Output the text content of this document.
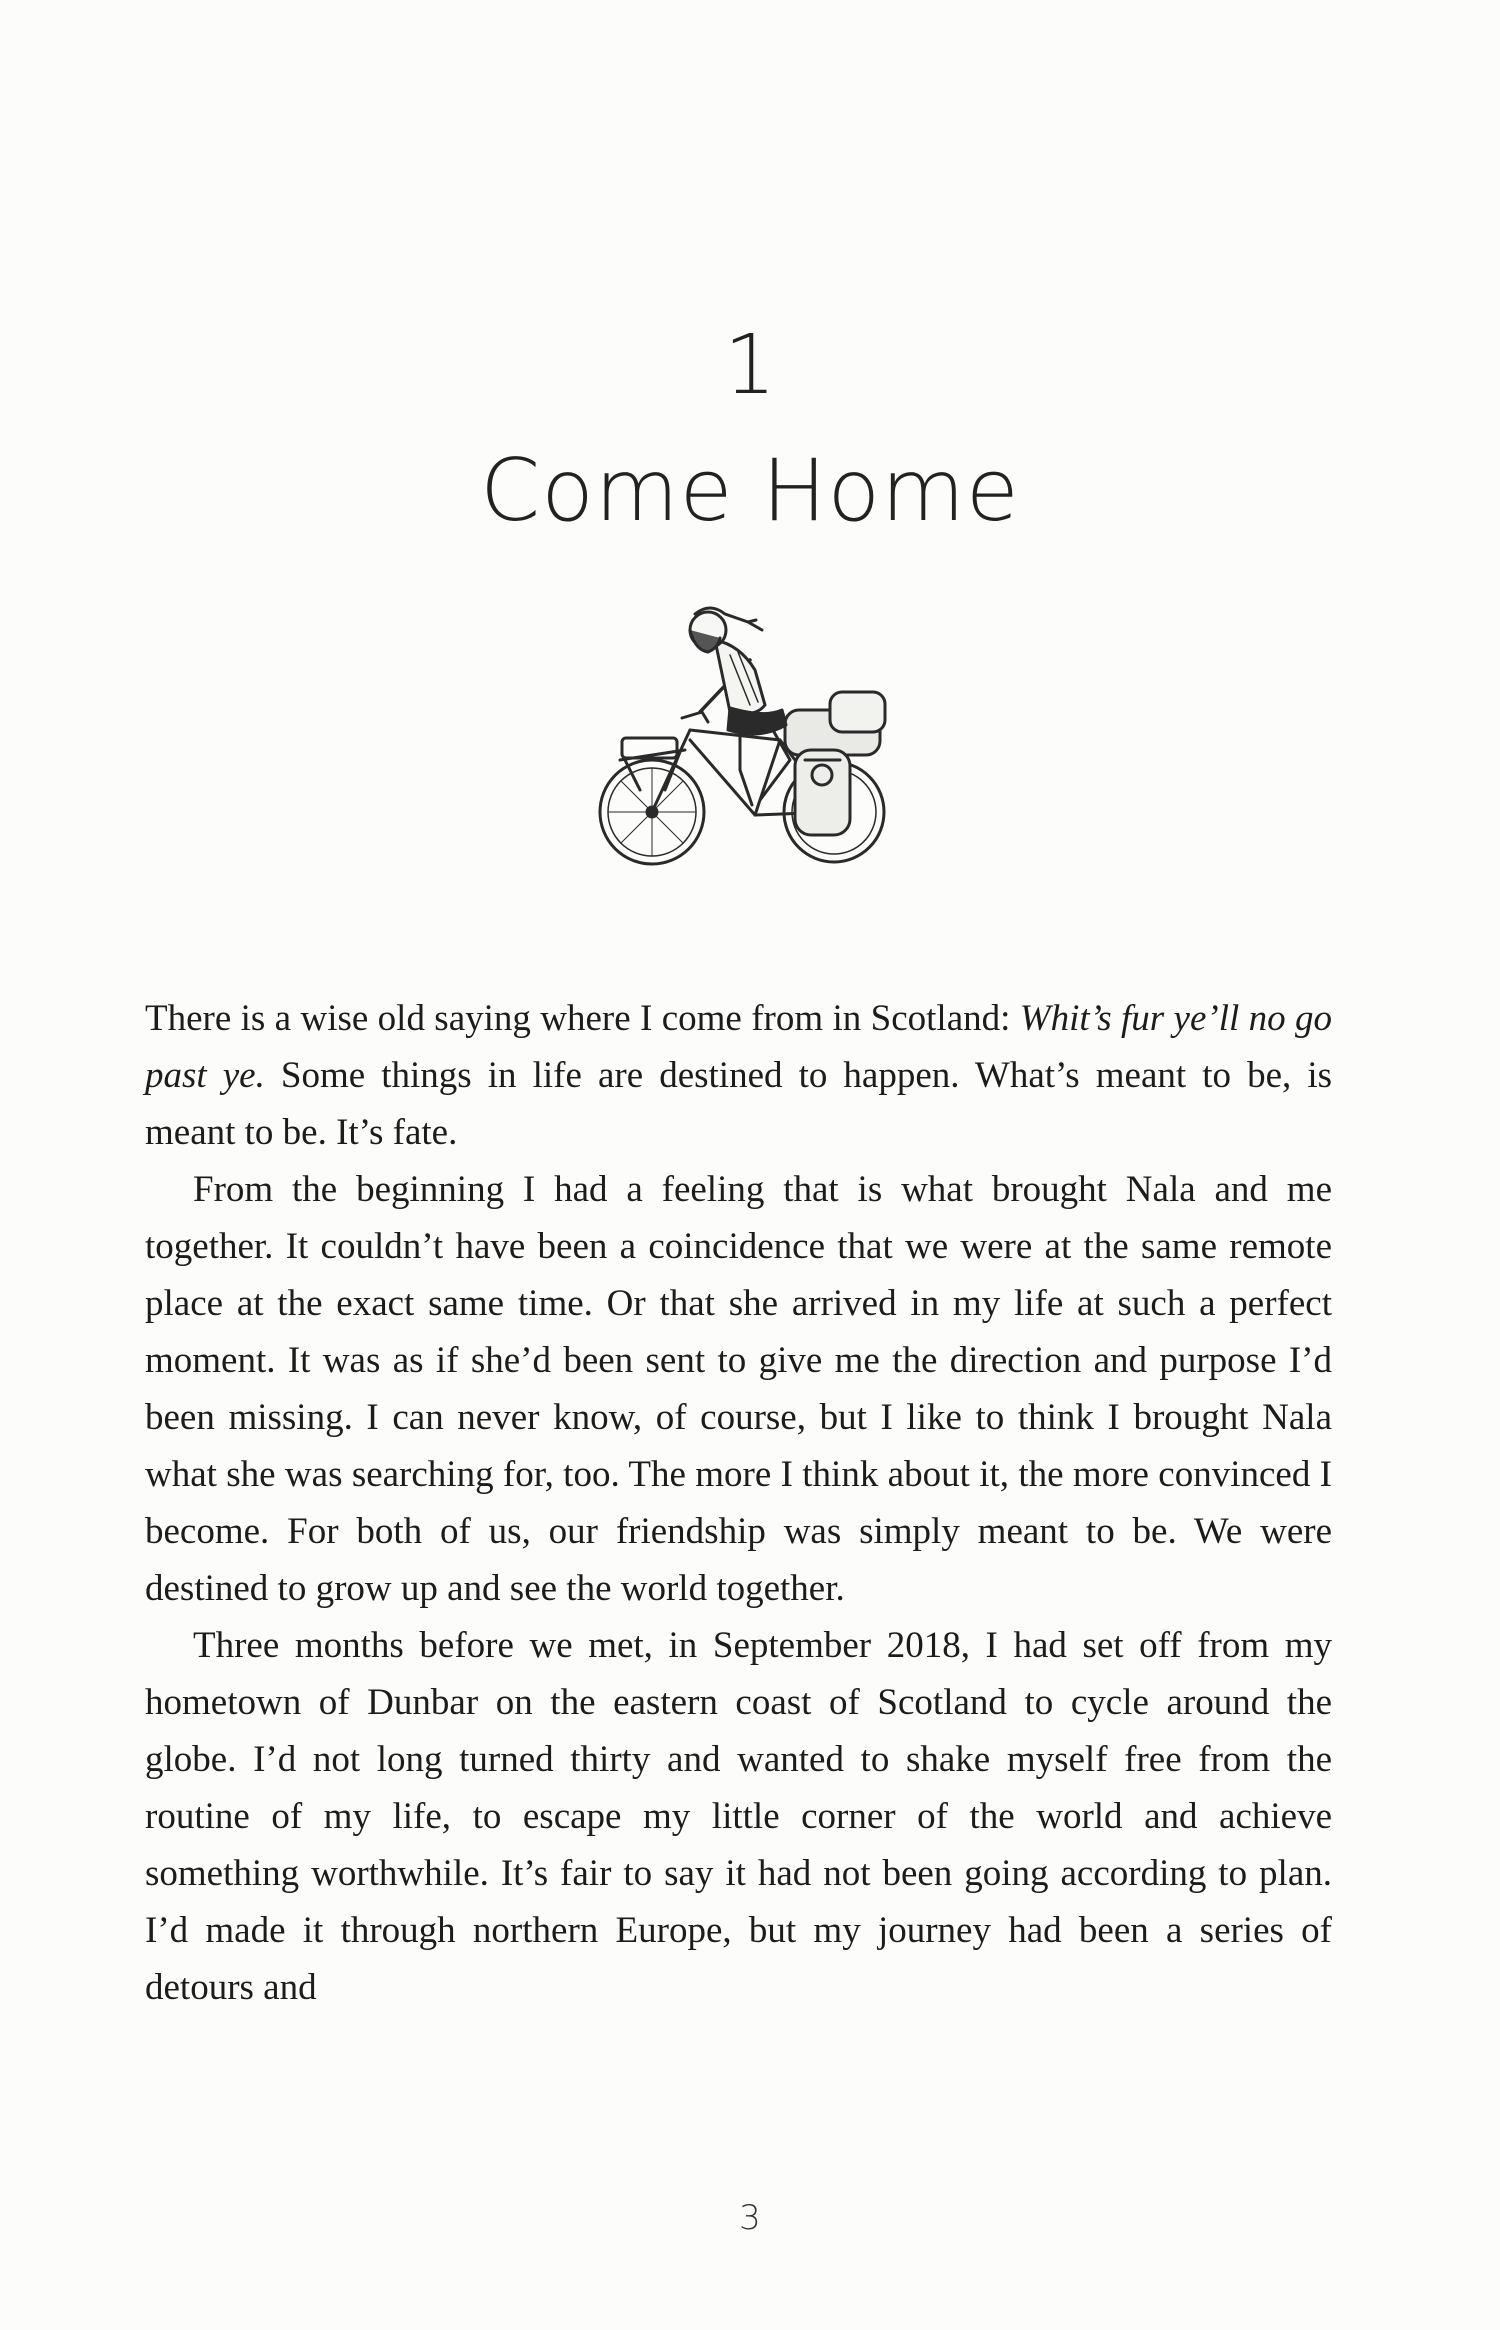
1
Come Home

There is a wise old saying where I come from in Scotland: Whit’s fur ye’ll no go past ye. Some things in life are destined to happen. What’s meant to be, is meant to be. It’s fate.

From the beginning I had a feeling that is what brought Nala and me together. It couldn’t have been a coincidence that we were at the same remote place at the exact same time. Or that she arrived in my life at such a perfect moment. It was as if she’d been sent to give me the direction and purpose I’d been missing. I can never know, of course, but I like to think I brought Nala what she was searching for, too. The more I think about it, the more convinced I become. For both of us, our friendship was simply meant to be. We were destined to grow up and see the world together.

Three months before we met, in September 2018, I had set off from my hometown of Dunbar on the eastern coast of Scotland to cycle around the globe. I’d not long turned thirty and wanted to shake myself free from the routine of my life, to escape my little corner of the world and achieve something worthwhile. It’s fair to say it had not been going according to plan. I’d made it through northern Europe, but my journey had been a series of detours and

3
